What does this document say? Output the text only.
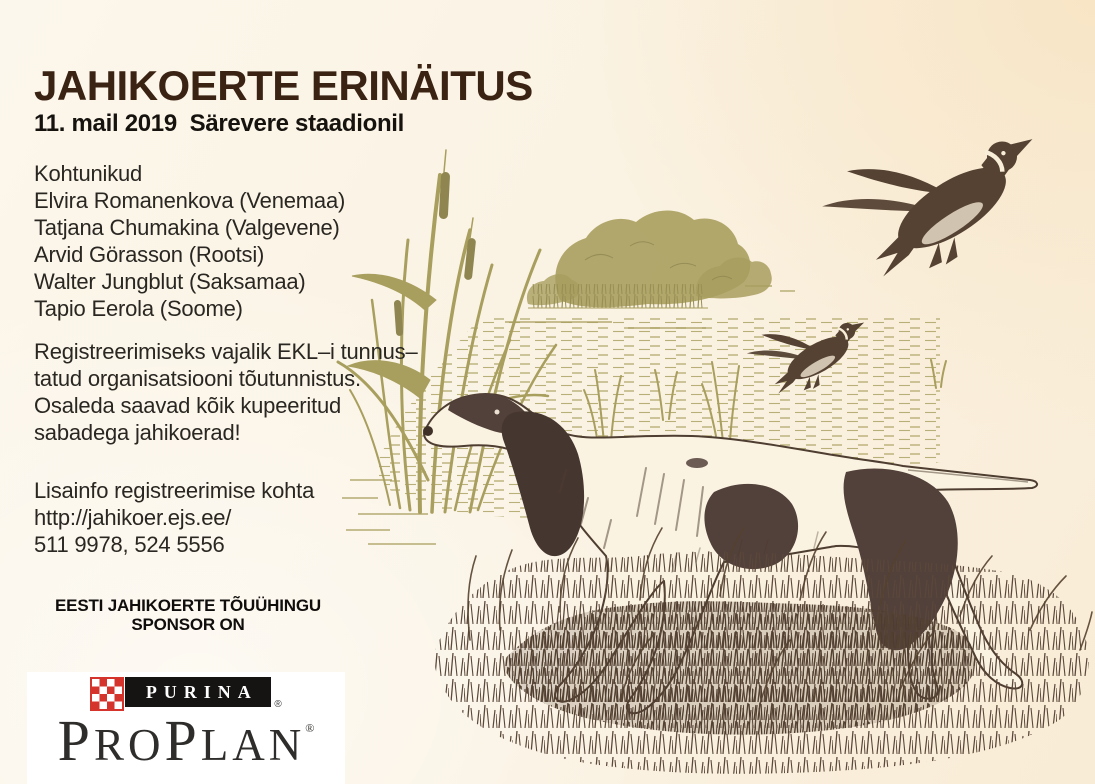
JAHIKOERTE ERINÄITUS
11. mail 2019  Särevere staadionil
Kohtunikud
Elvira Romanenkova (Venemaa)
Tatjana Chumakina (Valgevene)
Arvid Görasson (Rootsi)
Walter Jungblut (Saksamaa)
Tapio Eerola (Soome)
Registreerimiseks vajalik EKL–i tunnus–
tatud organisatsiooni tõutunnistus.
Osaleda saavad kõik kupeeritud
sabadega jahikoerad!
Lisainfo registreerimise kohta
http://jahikoer.ejs.ee/
511 9978, 524 5556
EESTI JAHIKOERTE TÕUÜHINGU
SPONSOR ON
PURINA
®
PROPLAN®
